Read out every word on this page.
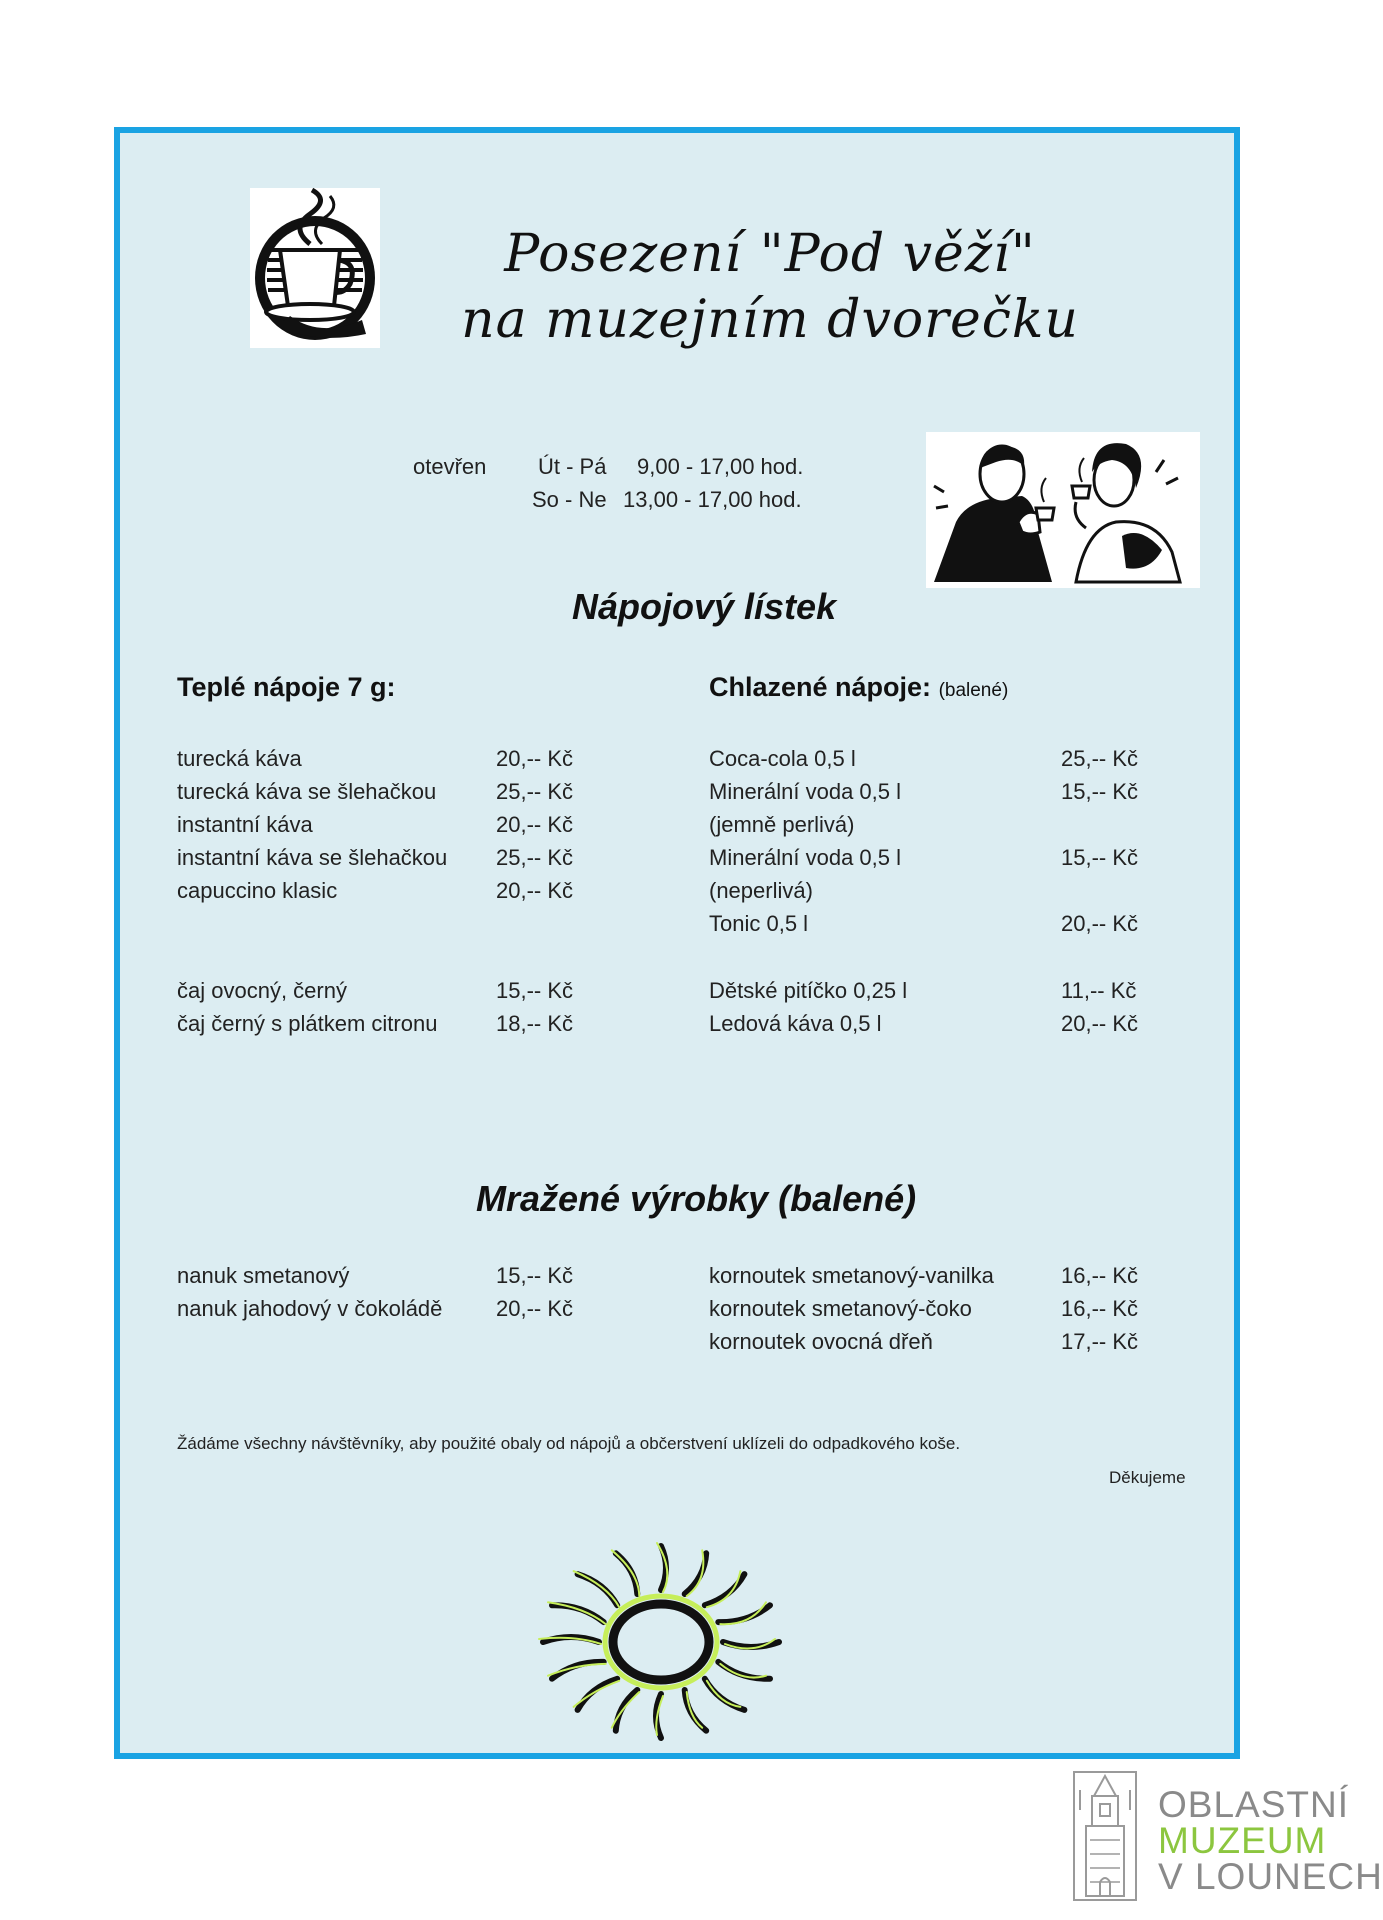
Posezení "Pod věží"
na muzejním dvorečku
otevřen Út - Pá 9,00 - 17,00 hod.
So - Ne 13,00 - 17,00 hod.
Nápojový lístek
Teplé nápoje 7 g:
turecká káva	20,-- Kč
turecká káva se šlehačkou	25,-- Kč
instantní káva	20,-- Kč
instantní káva se šlehačkou 25,-- Kč
capuccino klasic	20,-- Kč
čaj ovocný, černý	15,-- Kč
čaj černý s plátkem citronu	18,-- Kč
Chlazené nápoje: (balené)
Coca-cola 0,5 l	25,-- Kč
Minerální voda 0,5 l	15,-- Kč
(jemně perlivá)
Minerální voda 0,5 l	15,-- Kč
(neperlivá)
Tonic 0,5 l	20,-- Kč
Dětské pitíčko 0,25 l	11,-- Kč
Ledová káva 0,5 l	20,-- Kč
Mražené výrobky (balené)
nanuk smetanový	15,-- Kč
nanuk jahodový v čokoládě 20,-- Kč
kornoutek smetanový-vanilka	16,-- Kč
kornoutek smetanový-čoko	16,-- Kč
kornoutek ovocná dřeň	17,-- Kč
Žádáme všechny návštěvníky, aby použité obaly od nápojů a občerstvení uklízeli do odpadkového koše.
Děkujeme
OBLASTNÍ
MUZEUM
V LOUNECH
